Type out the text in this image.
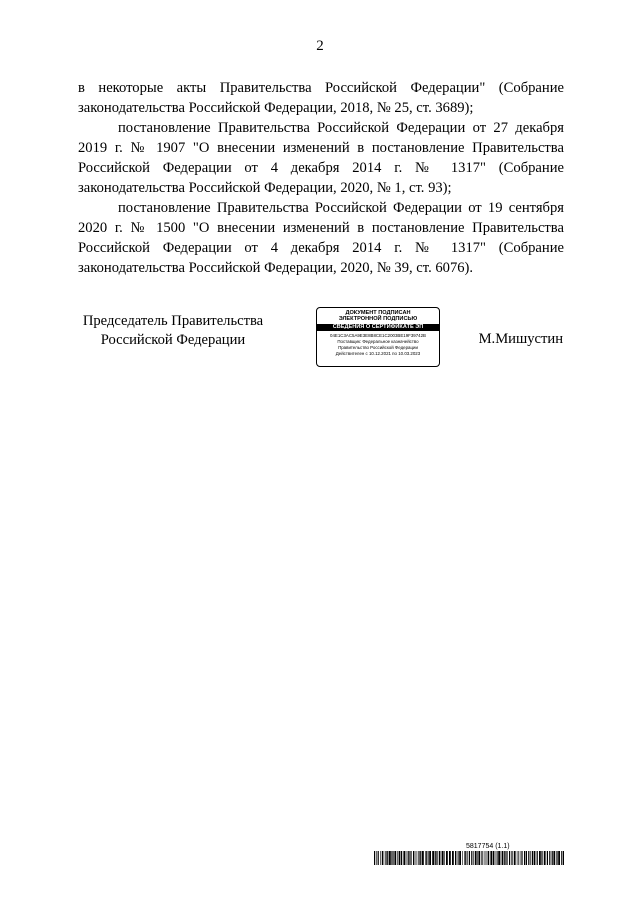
2

в некоторые акты Правительства Российской Федерации" (Собрание законодательства Российской Федерации, 2018, № 25, ст. 3689);

постановление Правительства Российской Федерации от 27 декабря 2019 г. № 1907 "О внесении изменений в постановление Правительства Российской Федерации от 4 декабря 2014 г. № 1317" (Собрание законодательства Российской Федерации, 2020, № 1, ст. 93);

постановление Правительства Российской Федерации от 19 сентября 2020 г. № 1500 "О внесении изменений в постановление Правительства Российской Федерации от 4 декабря 2014 г. № 1317" (Собрание законодательства Российской Федерации, 2020, № 39, ст. 6076).

Председатель Правительства
Российской Федерации
ДОКУМЕНТ ПОДПИСАН
ЭЛЕКТРОННОЙ ПОДПИСЬЮ
СВЕДЕНИЯ О СЕРТИФИКАТЕ ЭП
04E1C3AC5A9E3E8B8CE1C2003BE19F39742B
Поставщик: Федеральное казначейство
Правительство Российской Федерации
Действителен с 10.12.2021 по 10.03.2023
М.Мишустин
5817754 (1.1)
